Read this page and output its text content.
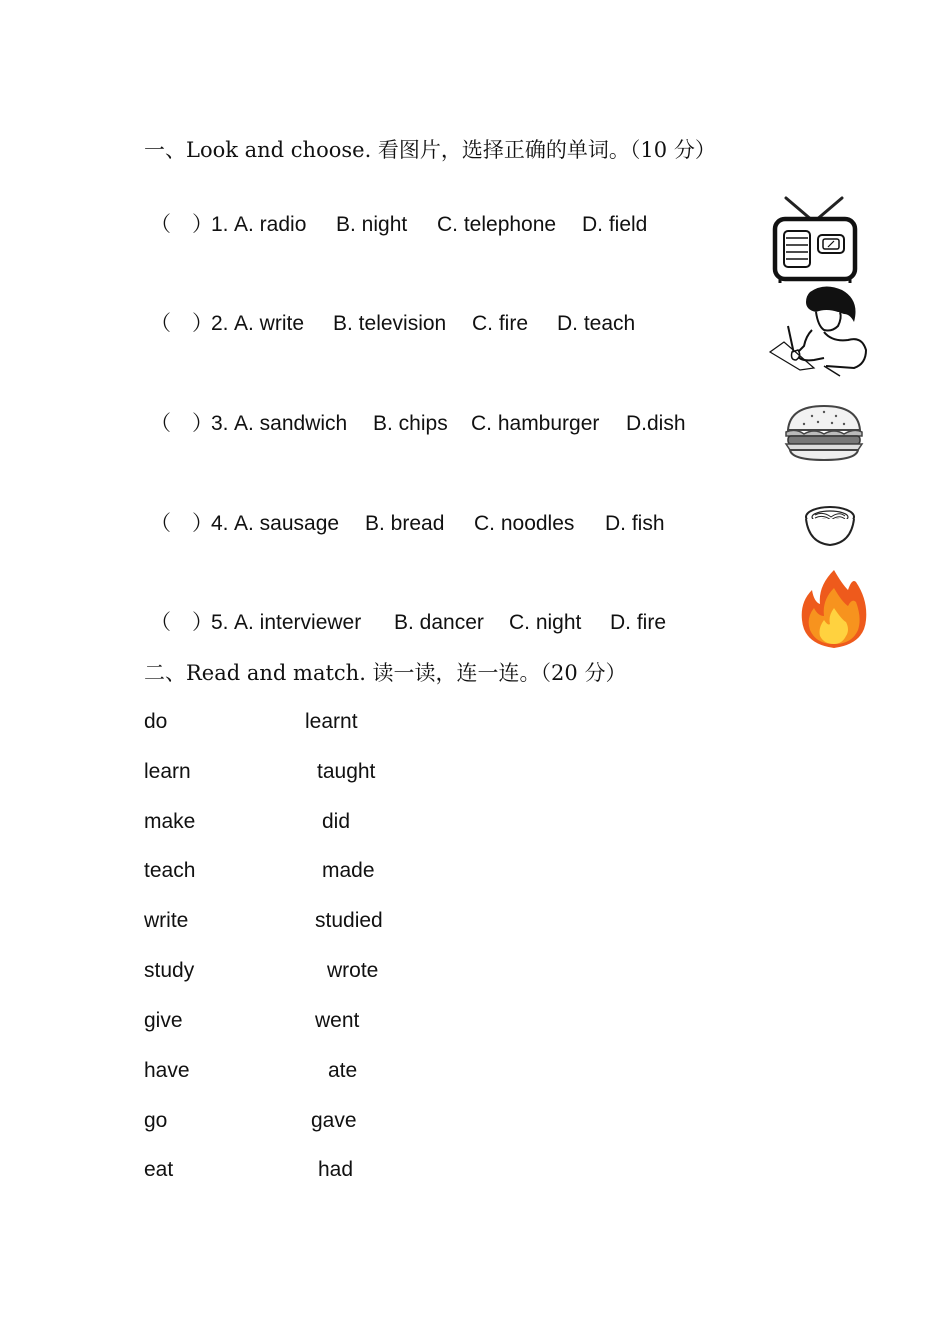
一、Look and choose. 看图片，选择正确的单词。（10 分）
（　）
1. A. radio B. night C. telephone D. field
（　）
2. A. write B. television C. fire D. teach
（　）
3. A. sandwich B. chips C. hamburger D.dish
（　）
4. A. sausage B. bread C. noodles D. fish
（　）
5. A. interviewer B. dancer C. night D. fire
二、Read and match. 读一读，连一连。（20 分）
do
learn
make
teach
write
study
give
have
go
eat
learnt
taught
did
made
studied
wrote
went
ate
gave
had
